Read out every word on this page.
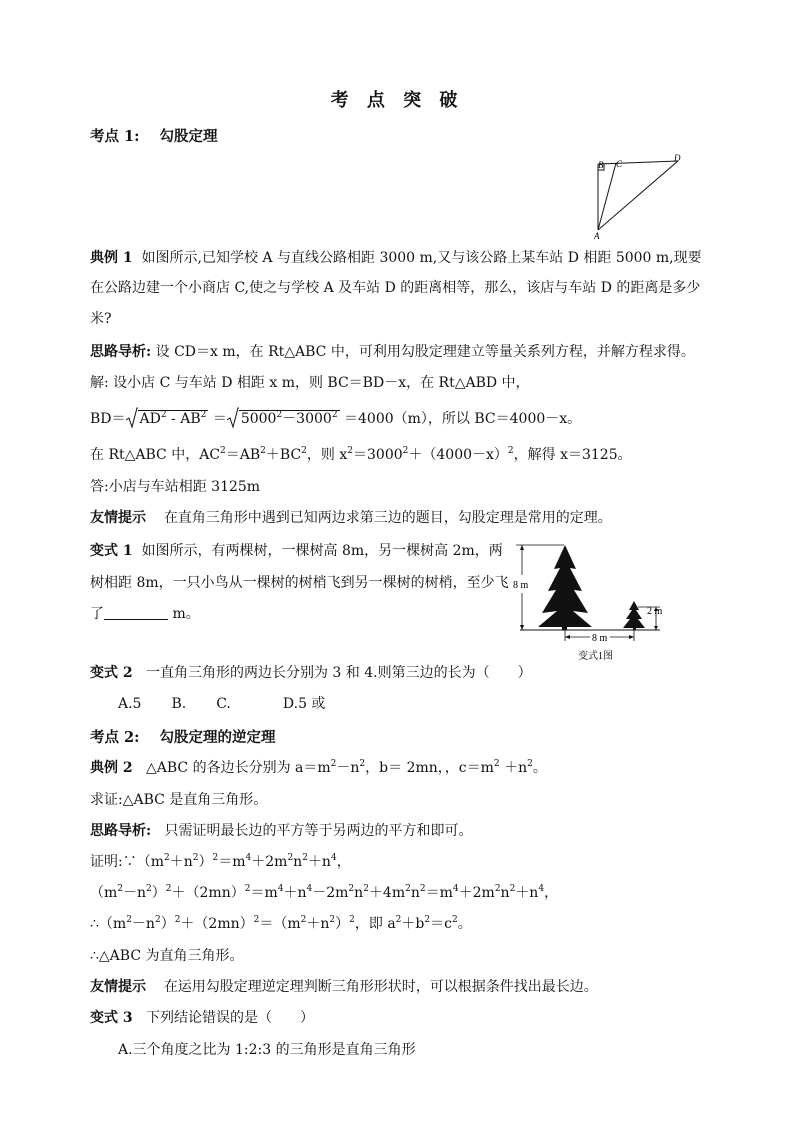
考 点 突 破
考点 1: 勾股定理
B C
D
A
典例 1 如图所示,已知学校 A 与直线公路相距 3000 m,又与该公路上某车站 D 相距 5000 m,现要
在公路边建一个小商店 C,使之与学校 A 及车站 D 的距离相等，那么，该店与车站 D 的距离是多少
米?
思路导析: 设 CD＝x m，在 Rt△ABC 中，可利用勾股定理建立等量关系列方程，并解方程求得。
解: 设小店 C 与车站 D 相距 x m，则 BC＝BD－x，在 Rt△ABD 中，
$BD= AD^2 - AB^2 = 5000^2-3000^2 =4000(m)$，所以 BC＝4000－x。
在 Rt△ABC 中，$AC^2=AB^2+BC^2$，则 $x^2=3000^2+(4000-x)^2$，解得 x＝3125。
答:小店与车站相距 3125m
友情提示 在直角三角形中遇到已知两边求第三边的题目，勾股定理是常用的定理。
变式 1 如图所示，有两棵树，一棵树高 8m，另一棵树高 2m，两
树相距 8m，一只小鸟从一棵树的树梢飞到另一棵树的树梢，至少飞
了	m。
8 m
2 m
8 m
变式1图
变式 2 一直角三角形的两边长分别为 3 和 4.则第三边的长为（　　）
A.5 B. C.	D.5 或
考点 2: 勾股定理的逆定理
典例 2 △ABC 的各边长分别为 $a=m^2-n^2$，b＝ 2mn，，$c=m^2 +n^2$。
求证:△ABC 是直角三角形。
思路导析: 只需证明最长边的平方等于另两边的平方和即可。
证明$:\because(m^2+n^2)^2=m^4+2m^2n^2+n^4$，
$(m^2-n^2)^2+(2mn)^2=m^4+n^4-2m^2n^2+4m^2n^2=m^4+2m^2n^2+n^4$，
$\therefore(m^2-n^2)^2+(2mn)^2=(m^2+n^2)^2$，即 $a^2+b^2=c^2$。
∴△ABC 为直角三角形。
友情提示 在运用勾股定理逆定理判断三角形形状时，可以根据条件找出最长边。
变式 3 下列结论错误的是（　　）
A.三个角度之比为 1:2:3 的三角形是直角三角形
